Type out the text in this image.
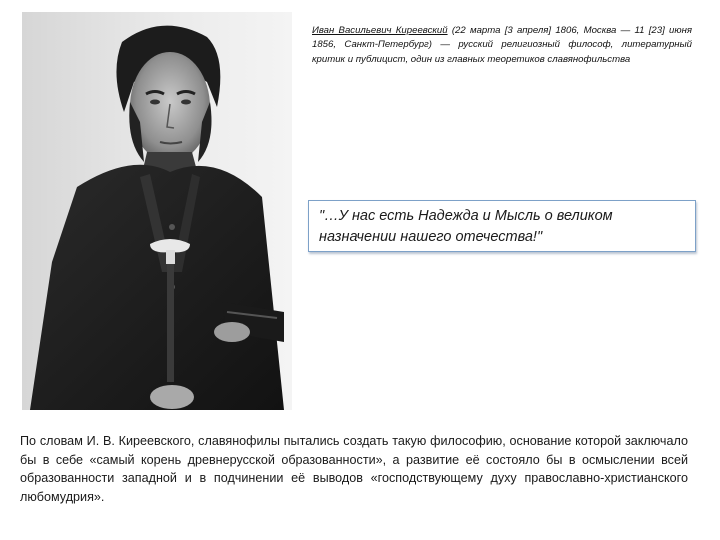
Иван Васильевич Киреевский (22 марта [3 апреля] 1806, Москва — 11 [23] июня 1856, Санкт-Петербург) — русский религиозный философ, литературный критик и публицист, один из главных теоретиков славянофильства

"…У нас есть Надежда и Мысль о великом назначении нашего отечества!"

По словам И. В. Киреевского, славянофилы пытались создать такую философию, основание которой заключало бы в себе «самый корень древнерусской образованности», а развитие её состояло бы в осмыслении всей образованности западной и в подчинении её выводов «господствующему духу православно-христианского любомудрия».
